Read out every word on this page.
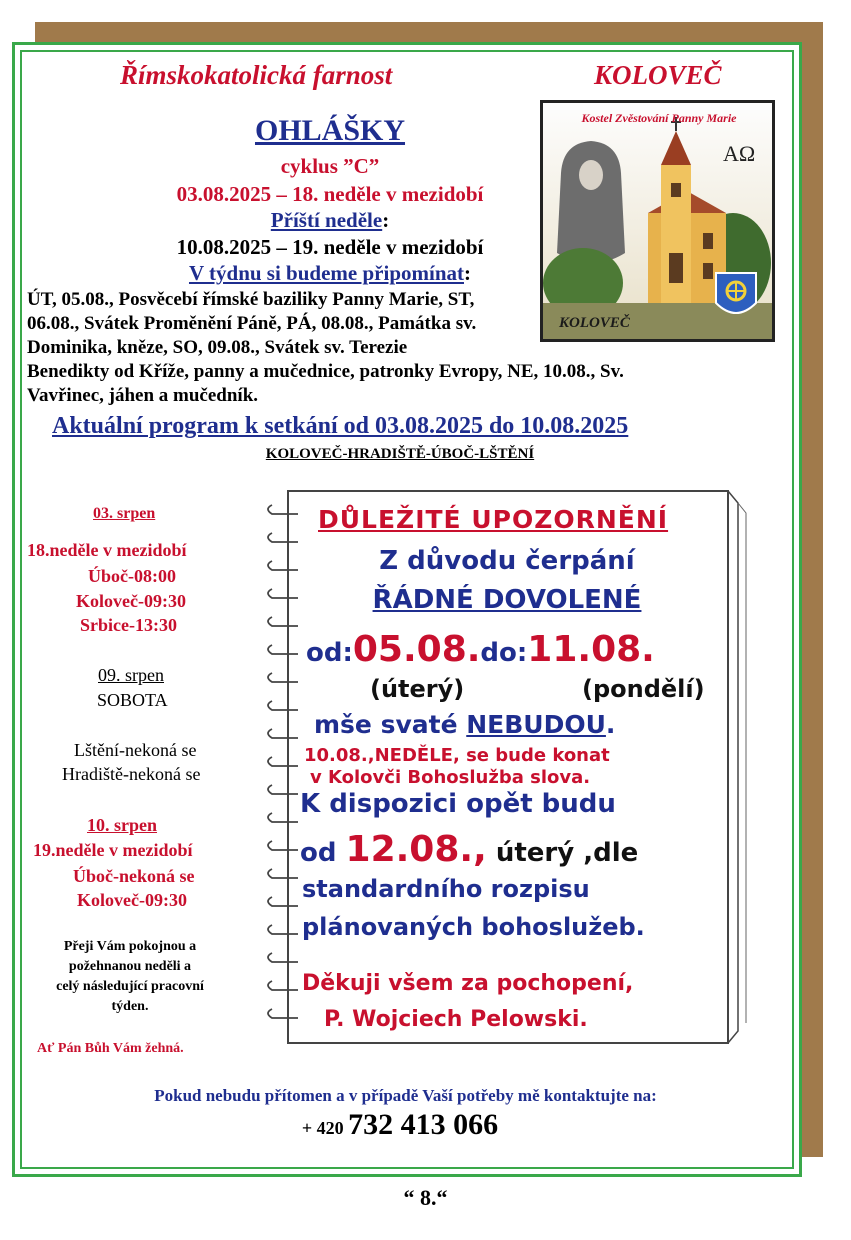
Římskokatolická farnost	KOLOVEČ
OHLÁŠKY
cyklus ”C”
03.08.2025 – 18. neděle v mezidobí
Příští neděle:
10.08.2025 – 19. neděle v mezidobí
V týdnu si budeme připomínat:
ÚT, 05.08., Posvěcebí římské baziliky Panny Marie, ST,
06.08., Svátek Proměnění Páně, PÁ, 08.08., Památka sv.
Dominika, kněze, SO, 09.08., Svátek sv. Terezie
Benedikty od Kříže, panny a mučednice, patronky Evropy, NE, 10.08., Sv.
Vavřinec, jáhen a mučedník.
Kostel Zvěstování Panny Marie
AΩ
KOLOVEČ
Aktuální program k setkání od 03.08.2025 do 10.08.2025
KOLOVEČ-HRADIŠTĚ-ÚBOČ-LŠTĚNÍ
03. srpen
18.neděle v mezidobí
Úboč-08:00
Koloveč-09:30
Srbice-13:30
09. srpen
SOBOTA
Lštění-nekoná se
Hradiště-nekoná se
10. srpen
19.neděle v mezidobí
Úboč-nekoná se
Koloveč-09:30
Přeji Vám pokojnou a
požehnanou neděli a
celý následující pracovní
týden.
Ať Pán Bůh Vám žehná.
DŮLEŽITÉ UPOZORNĚNÍ
Z důvodu čerpání
ŘÁDNÉ DOVOLENÉ
od:05.08.do:11.08.
(úterý)	(pondělí)
mše svaté NEBUDOU.
10.08.,NEDĚLE, se bude konat
v Kolovči Bohoslužba slova.
K dispozici opět budu
od 12.08., úterý ,dle
standardního rozpisu
plánovaných bohoslužeb.
Děkuji všem za pochopení,
P. Wojciech Pelowski.
Pokud nebudu přítomen a v případě Vaší potřeby mě kontaktujte na:
+ 420 732 413 066
“ 8.“
